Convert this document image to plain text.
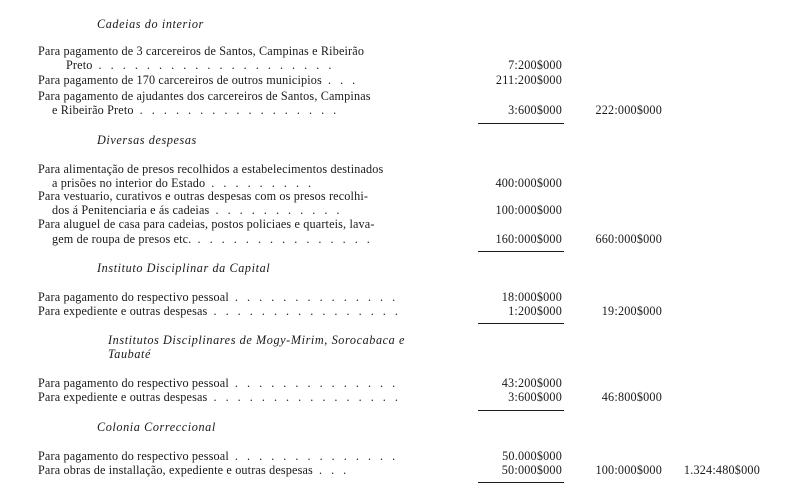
Cadeias do interior
Para pagamento de 3 carcereiros de Santos, Campinas e Ribeirão
Preto . . . . . . . . . . . . . . . . . . . .	7:200$000
Para pagamento de 170 carcereiros de outros municipios . . .	211:200$000
Para pagamento de ajudantes dos carcereiros de Santos, Campinas
e Ribeirão Preto . . . . . . . . . . . . . . . . .	3:600$000	222:000$000
Diversas despesas
Para alimentação de presos recolhidos a estabelecimentos destinados
a prisões no interior do Estado . . . . . . . . .	400:000$000
Para vestuario, curativos e outras despesas com os presos recolhi-
dos á Penitenciaria e ás cadeias . . . . . . . . . . .	100:000$000
Para aluguel de casa para cadeias, postos policiaes e quarteis, lava-
gem de roupa de presos etc. . . . . . . . . . . . . . . .	160:000$000	660:000$000
Instituto Disciplinar da Capital
Para pagamento do respectivo pessoal . . . . . . . . . . . . . .	18:000$000
Para expediente e outras despesas . . . . . . . . . . . . . . . .	1:200$000	19:200$000
Institutos Disciplinares de Mogy-Mirim, Sorocabaca e
Taubaté
Para pagamento do respectivo pessoal . . . . . . . . . . . . . .	43:200$000
Para expediente e outras despesas . . . . . . . . . . . . . . . .	3:600$000	46:800$000
Colonia Correccional
Para pagamento do respectivo pessoal . . . . . . . . . . . . . .	50.000$000
Para obras de installação, expediente e outras despesas . . .	50:000$000	100:000$000 1.324:480$000
